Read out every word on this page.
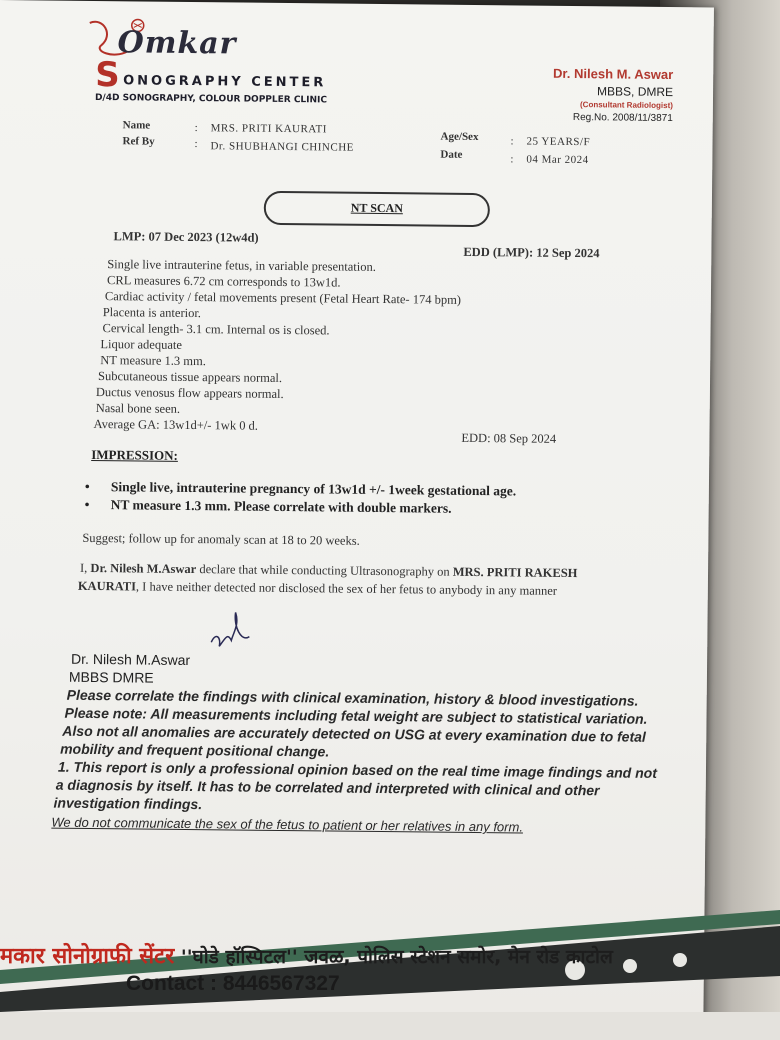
Omkar
S ONOGRAPHY CENTER
D/4D SONOGRAPHY, COLOUR DOPPLER CLINIC
Dr. Nilesh M. Aswar
MBBS, DMRE
(Consultant Radiologist)
Reg.No. 2008/11/3871
Name	: MRS. PRITI KAURATI
Ref By	: Dr. SHUBHANGI CHINCHE
Age/Sex	: 25 YEARS/F
Date	: 04 Mar 2024
NT SCAN
LMP: 07 Dec 2023 (12w4d)
EDD (LMP): 12 Sep 2024
Single live intrauterine fetus, in variable presentation.
CRL measures 6.72 cm corresponds to 13w1d.
Cardiac activity / fetal movements present (Fetal Heart Rate- 174 bpm)
Placenta is anterior.
Cervical length- 3.1 cm. Internal os is closed.
Liquor adequate
NT measure 1.3 mm.
Subcutaneous tissue appears normal.
Ductus venosus flow appears normal.
Nasal bone seen.
Average GA: 13w1d+/- 1wk 0 d.
EDD: 08 Sep 2024
IMPRESSION:
• Single live, intrauterine pregnancy of 13w1d +/- 1week gestational age.
• NT measure 1.3 mm. Please correlate with double markers.
Suggest; follow up for anomaly scan at 18 to 20 weeks.
I, Dr. Nilesh M.Aswar declare that while conducting Ultrasonography on MRS. PRITI RAKESH
KAURATI, I have neither detected nor disclosed the sex of her fetus to anybody in any manner
Dr. Nilesh M.Aswar
MBBS DMRE
Please correlate the findings with clinical examination, history & blood investigations.
Please note: All measurements including fetal weight are subject to statistical variation.
Also not all anomalies are accurately detected on USG at every examination due to fetal
mobility and frequent positional change.
1. This report is only a professional opinion based on the real time image findings and not
a diagnosis by itself. It has to be correlated and interpreted with clinical and other
investigation findings.
We do not communicate the sex of the fetus to patient or her relatives in any form.
मकार सोनोग्राफी सेंटर ''घोडे हॉस्पिटल'' जवळ, पोलिस स्टेशन समोर, मेन रोड काटोल
Contact : 8446567327
